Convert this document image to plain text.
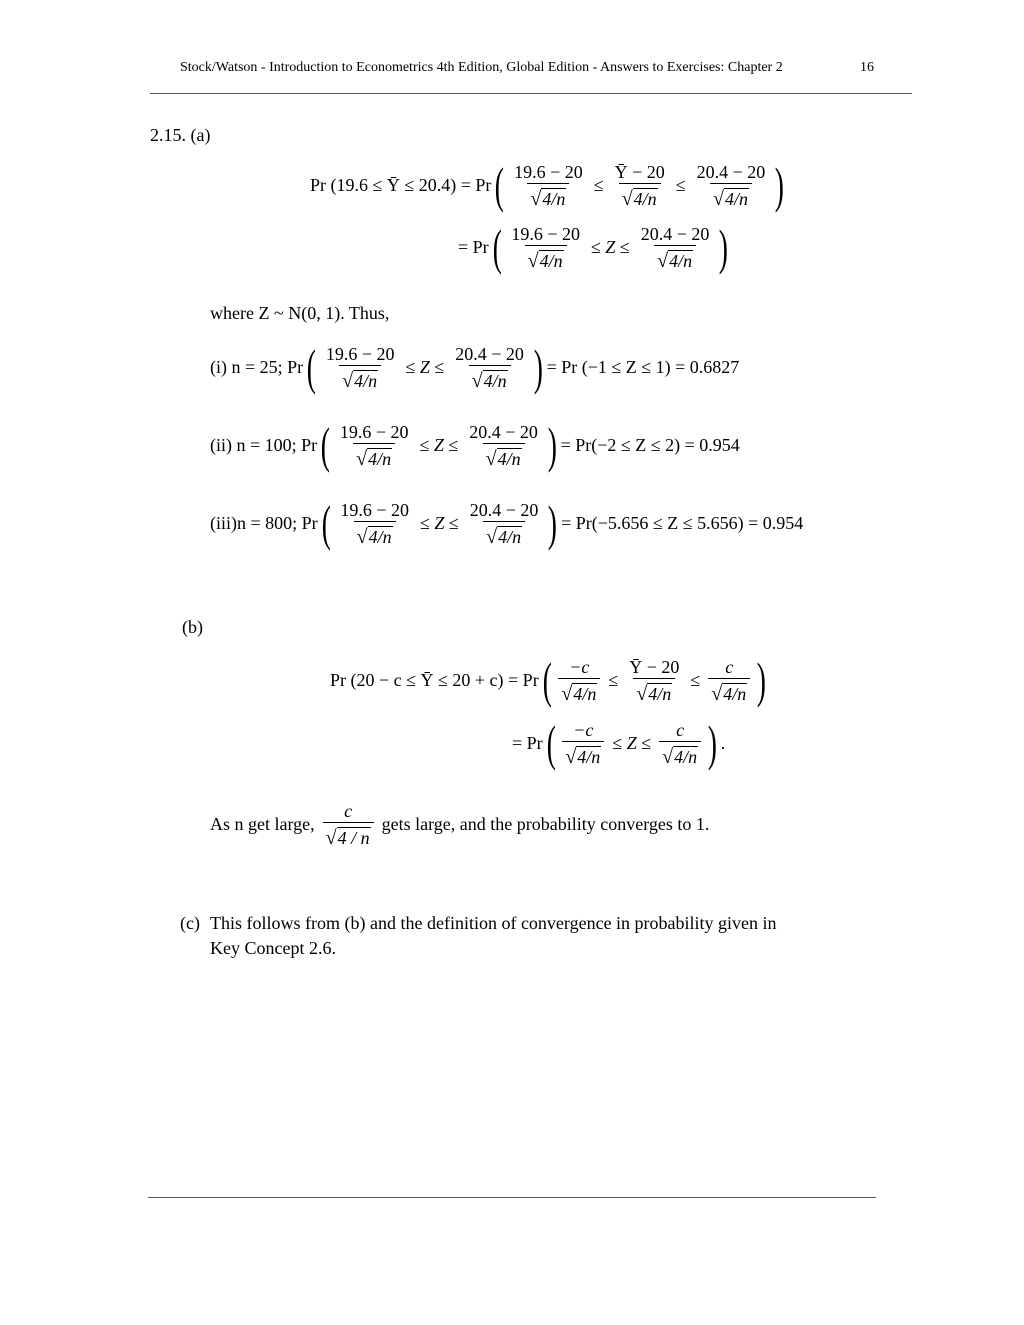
Stock/Watson - Introduction to Econometrics 4th Edition, Global Edition - Answers to Exercises: Chapter 2	16
2.15. (a)
Pr (19.6 ≤ Ȳ ≤ 20.4) = Pr ( $\frac{19.6 - 20}{√ 4/n} \le \frac{Ȳ - 20}{√ 4/n} \le \frac{20.4 - 20}{√ 4/n}$ )
= Pr ( $\frac{19.6 - 20}{√ 4/n} \le Z \le \frac{20.4 - 20}{√ 4/n}$ )
where Z ~ N(0, 1). Thus,
(i) n = 25; Pr ( $\frac{19.6 - 20}{√ 4/n} \le Z \le \frac{20.4 - 20}{√ 4/n}$ ) = Pr (−1 ≤ Z ≤ 1) = 0.6827
(ii) n = 100; Pr ( $\frac{19.6 - 20}{√ 4/n} \le Z \le \frac{20.4 - 20}{√ 4/n}$ ) = Pr(−2 ≤ Z ≤ 2) = 0.954
(iii)n = 800; Pr ( $\frac{19.6 - 20}{√ 4/n} \le Z \le \frac{20.4 - 20}{√ 4/n}$ ) = Pr(−5.656 ≤ Z ≤ 5.656) = 0.954
(b)
Pr (20 − c ≤ Ȳ ≤ 20 + c) = Pr ( $\frac{-c}{√ 4/n} \le \frac{Ȳ - 20}{√ 4/n} \le \frac{c}{√ 4/n}$ )
= Pr ( $\frac{-c}{√ 4/n} \le Z \le \frac{c}{√ 4/n}$ ) .
As n get large, $\frac{c}{√ 4 / n}$ gets large, and the probability converges to 1.
(c) This follows from (b) and the definition of convergence in probability given in
Key Concept 2.6.
